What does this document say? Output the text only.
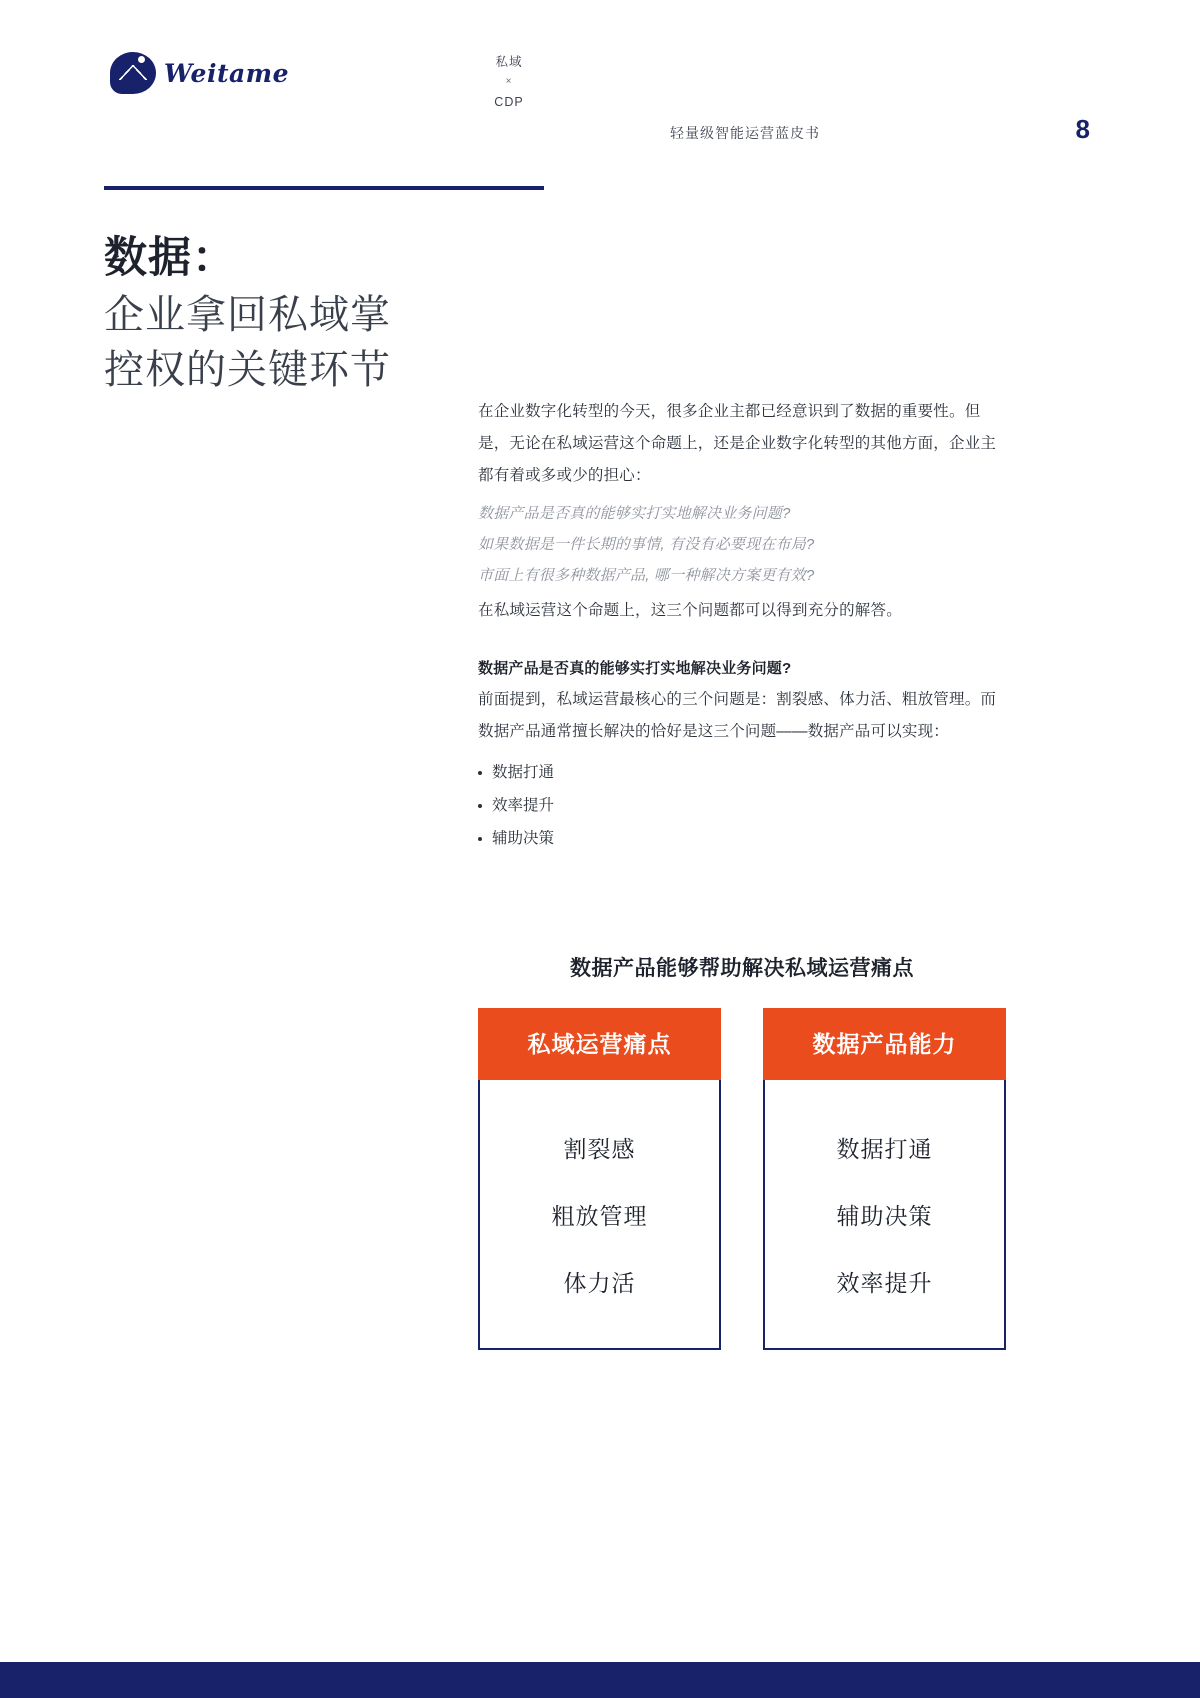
Weitame	私域
×
CDP
轻量级智能运营蓝皮书	8
数据：
企业拿回私域掌
控权的关键环节

在企业数字化转型的今天，很多企业主都已经意识到了数据的重要性。但是，无论在私域运营这个命题上，还是企业数字化转型的其他方面，企业主都有着或多或少的担心：

数据产品是否真的能够实打实地解决业务问题?
如果数据是一件长期的事情, 有没有必要现在布局?
市面上有很多种数据产品, 哪一种解决方案更有效?
在私域运营这个命题上，这三个问题都可以得到充分的解答。
数据产品是否真的能够实打实地解决业务问题?

前面提到，私域运营最核心的三个问题是：割裂感、体力活、粗放管理。而数据产品通常擅长解决的恰好是这三个问题——数据产品可以实现：

数据打通
效率提升
辅助决策
数据产品能够帮助解决私域运营痛点
私域运营痛点
割裂感
粗放管理
体力活
数据产品能力
数据打通
辅助决策
效率提升
